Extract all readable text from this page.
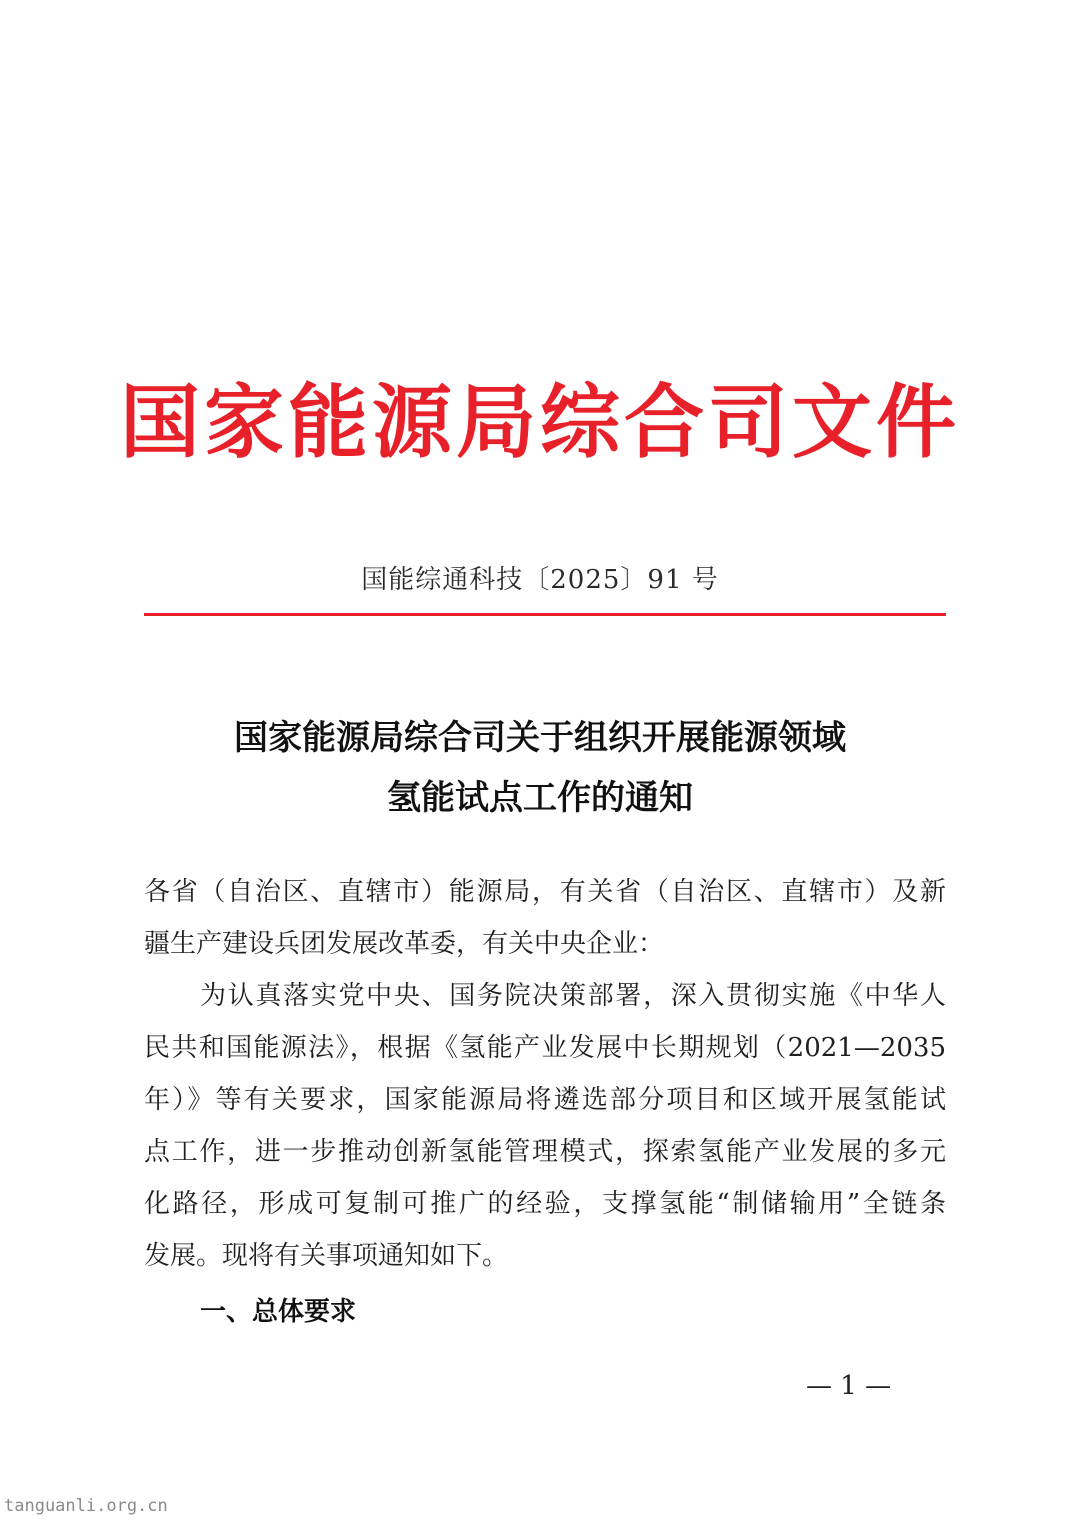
国家能源局综合司文件
国能综通科技〔2025〕91 号
国家能源局综合司关于组织开展能源领域
氢能试点工作的通知
各省（自治区、直辖市）能源局，有关省（自治区、直辖市）及新
疆生产建设兵团发展改革委，有关中央企业：
为认真落实党中央、国务院决策部署，深入贯彻实施《中华人
民共和国能源法》，根据《氢能产业发展中长期规划（2021—2035
年）》等有关要求，国家能源局将遴选部分项目和区域开展氢能试
点工作，进一步推动创新氢能管理模式，探索氢能产业发展的多元
化路径，形成可复制可推广的经验，支撑氢能“制储输用”全链条
发展。现将有关事项通知如下。
一、总体要求
— 1 —
tanguanli.org.cn
